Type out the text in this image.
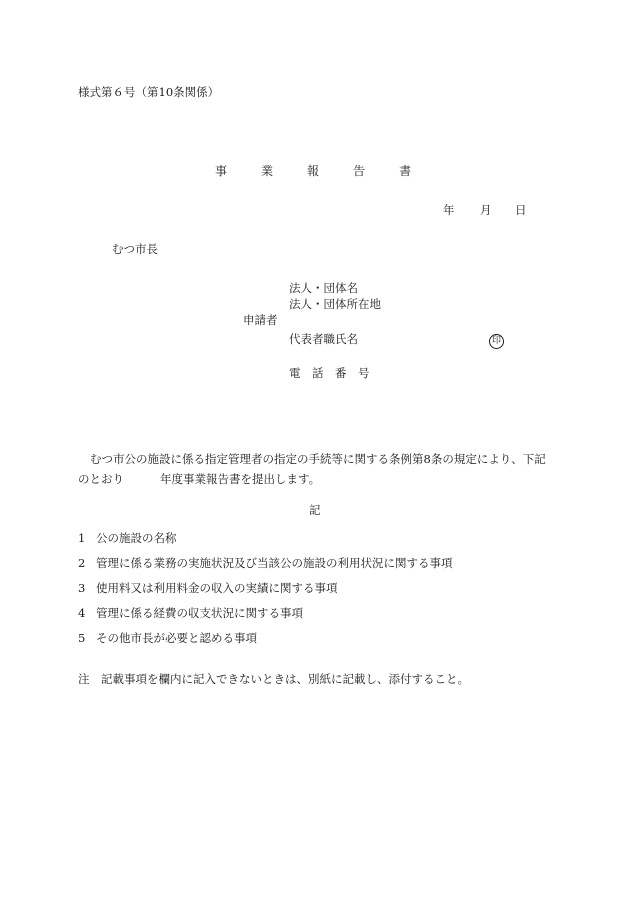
様式第６号（第10条関係）
事	業	報	告	書
年 月 日
むつ市長
法人・団体名
法人・団体所在地
申請者
代表者職氏名	印
電　話　番　号
むつ市公の施設に係る指定管理者の指定の手続等に関する条例第8条の規定により、下記
のとおり	年度事業報告書を提出します。
記
1 公の施設の名称
2 管理に係る業務の実施状況及び当該公の施設の利用状況に関する事項
3 使用料又は利用料金の収入の実績に関する事項
4 管理に係る経費の収支状況に関する事項
5 その他市長が必要と認める事項
注　記載事項を欄内に記入できないときは、別紙に記載し、添付すること。
